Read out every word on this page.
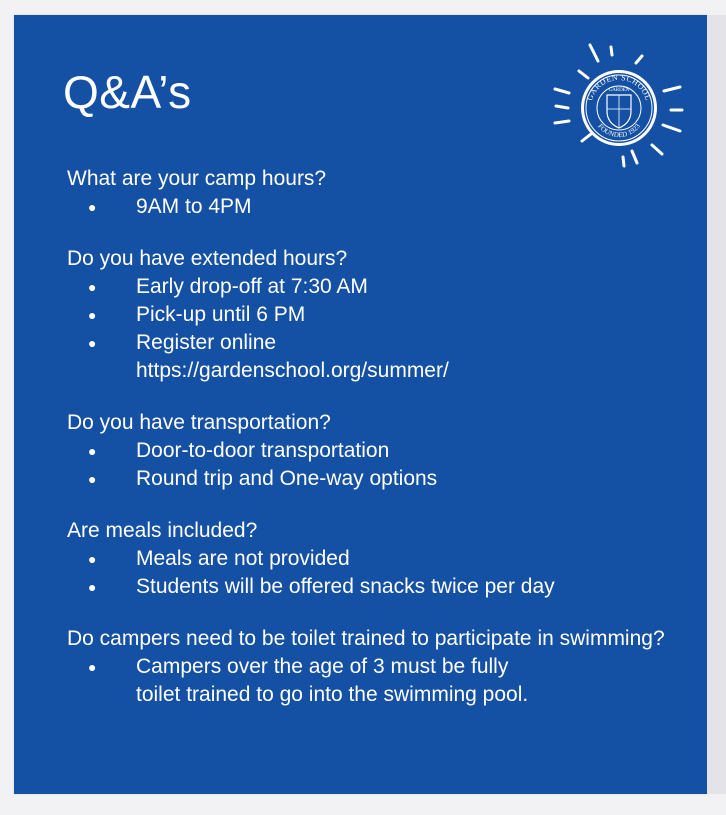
Q&A’s	GARDEN SCHOOL
FOUNDED 1923
GARDEN

What are your camp hours?

● 9AM to 4PM

Do you have extended hours?

● Early drop-off at 7:30 AM
● Pick-up until 6 PM
● Register online
https://gardenschool.org/summer/

Do you have transportation?

● Door-to-door transportation
● Round trip and One-way options

Are meals included?

● Meals are not provided
● Students will be offered snacks twice per day

Do campers need to be toilet trained to participate in swimming?

● Campers over the age of 3 must be fully
toilet trained to go into the swimming pool.
